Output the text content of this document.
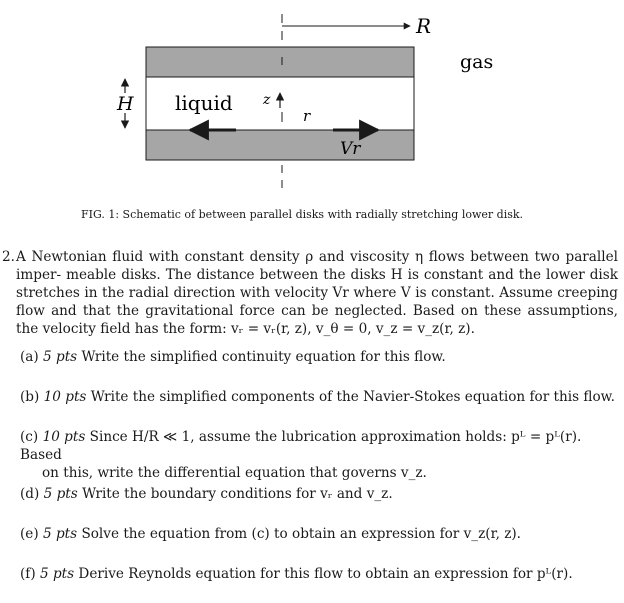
R
gas
H liquid z
r
Vr
FIG. 1: Schematic of between parallel disks with radially stretching lower disk.
2. A Newtonian fluid with constant density ρ and viscosity η flows between two parallel imper- meable disks. The distance between the disks H is constant and the lower disk stretches in the radial direction with velocity Vr where V is constant. Assume creeping flow and that the gravitational force can be neglected. Based on these assumptions, the velocity field has the form: vᵣ = vᵣ(r, z), v_θ = 0, v_z = v_z(r, z).
(a) 5 pts Write the simplified continuity equation for this flow.
(b) 10 pts Write the simplified components of the Navier-Stokes equation for this flow.
(c) 10 pts Since H/R ≪ 1, assume the lubrication approximation holds: pᴸ = pᴸ(r). Based
on this, write the differential equation that governs v_z.
(d) 5 pts Write the boundary conditions for vᵣ and v_z.
(e) 5 pts Solve the equation from (c) to obtain an expression for v_z(r, z).
(f) 5 pts Derive Reynolds equation for this flow to obtain an expression for pᴸ(r).
